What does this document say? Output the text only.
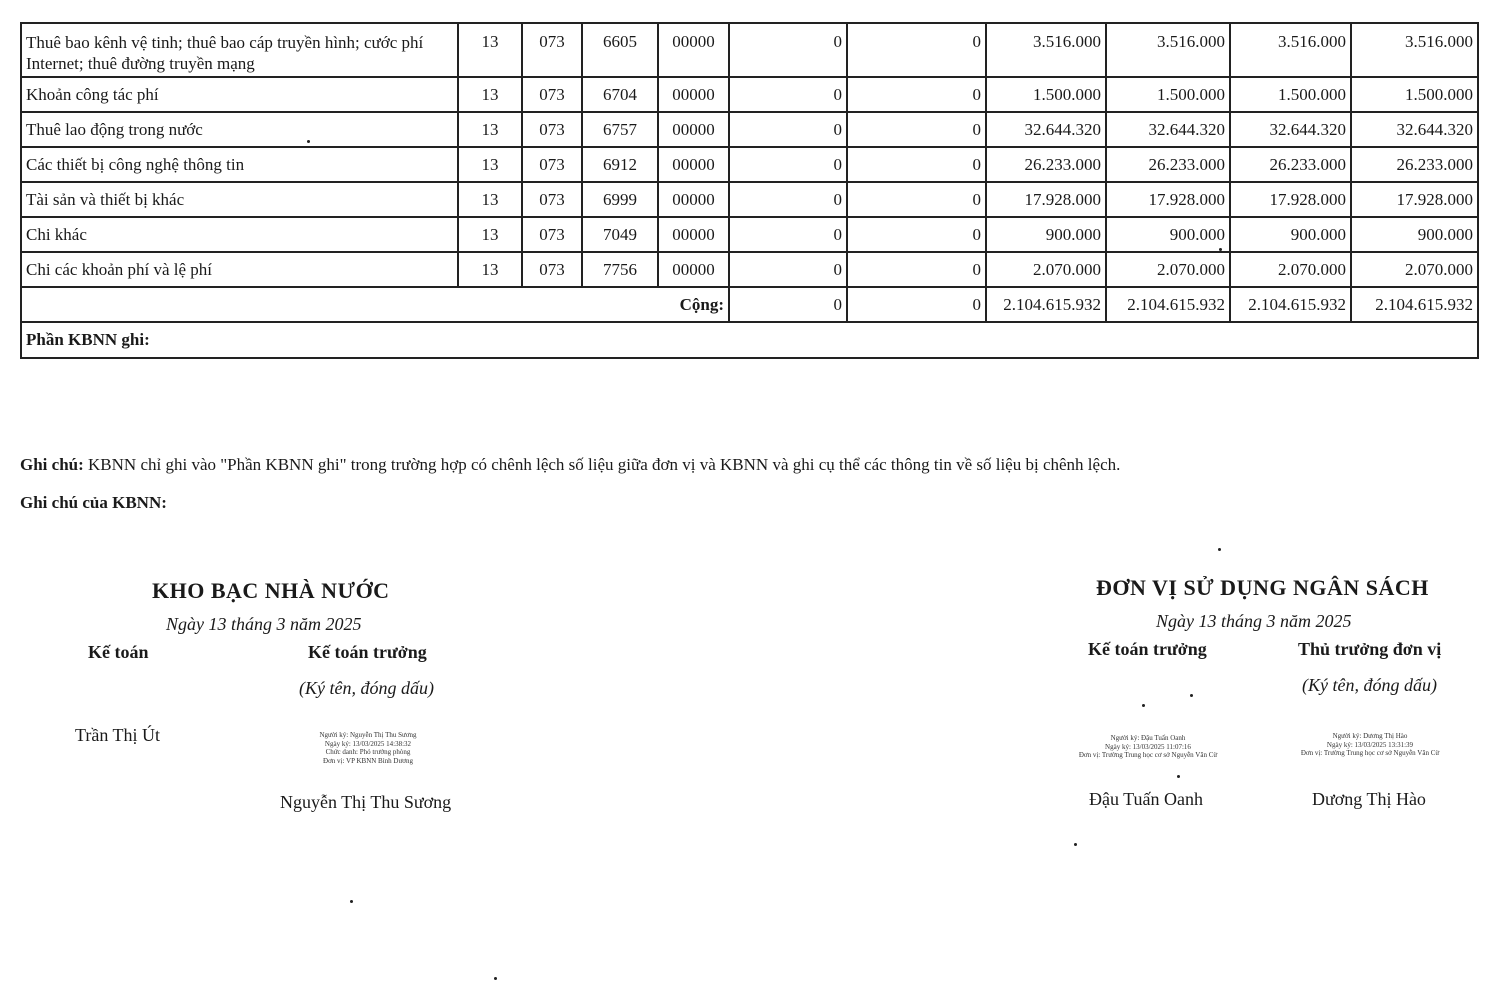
Thuê bao kênh vệ tinh; thuê bao cáp truyền hình; cước phí Internet; thuê đường truyền mạng	13	073	6605	00000	0	0	3.516.000	3.516.000	3.516.000	3.516.000
Khoản công tác phí	13	073	6704	00000	0	0	1.500.000	1.500.000	1.500.000	1.500.000
Thuê lao động trong nước	13	073	6757	00000	0	0	32.644.320	32.644.320	32.644.320	32.644.320
Các thiết bị công nghệ thông tin	13	073	6912	00000	0	0	26.233.000	26.233.000	26.233.000	26.233.000
Tài sản và thiết bị khác	13	073	6999	00000	0	0	17.928.000	17.928.000	17.928.000	17.928.000
Chi khác	13	073	7049	00000	0	0	900.000	900.000	900.000	900.000
Chi các khoản phí và lệ phí	13	073	7756	00000	0	0	2.070.000	2.070.000	2.070.000	2.070.000
Cộng:					0	0	2.104.615.932	2.104.615.932	2.104.615.932	2.104.615.932
Phần KBNN ghi:										
Ghi chú: KBNN chỉ ghi vào "Phần KBNN ghi" trong trường hợp có chênh lệch số liệu giữa đơn vị và KBNN và ghi cụ thể các thông tin về số liệu bị chênh lệch.
Ghi chú của KBNN:
KHO BẠC NHÀ NƯỚC
Ngày 13 tháng 3 năm 2025
Kế toán	Kế toán trưởng
(Ký tên, đóng dấu)
Trần Thị Út	Người ký: Nguyễn Thị Thu Sương
Ngày ký: 13/03/2025 14:38:32
Chức danh: Phó trưởng phòng
Đơn vị: VP KBNN Bình Dương
Nguyễn Thị Thu Sương
ĐƠN VỊ SỬ DỤNG NGÂN SÁCH
Ngày 13 tháng 3 năm 2025
Kế toán trưởng	Thủ trưởng đơn vị
(Ký tên, đóng dấu)
Người ký: Đậu Tuấn Oanh
Ngày ký: 13/03/2025 11:07:16
Đơn vị: Trường Trung học cơ sở Nguyễn Văn Cừ
Người ký: Dương Thị Hào
Ngày ký: 13/03/2025 13:31:39
Đơn vị: Trường Trung học cơ sở Nguyễn Văn Cừ
Đậu Tuấn Oanh	Dương Thị Hào
